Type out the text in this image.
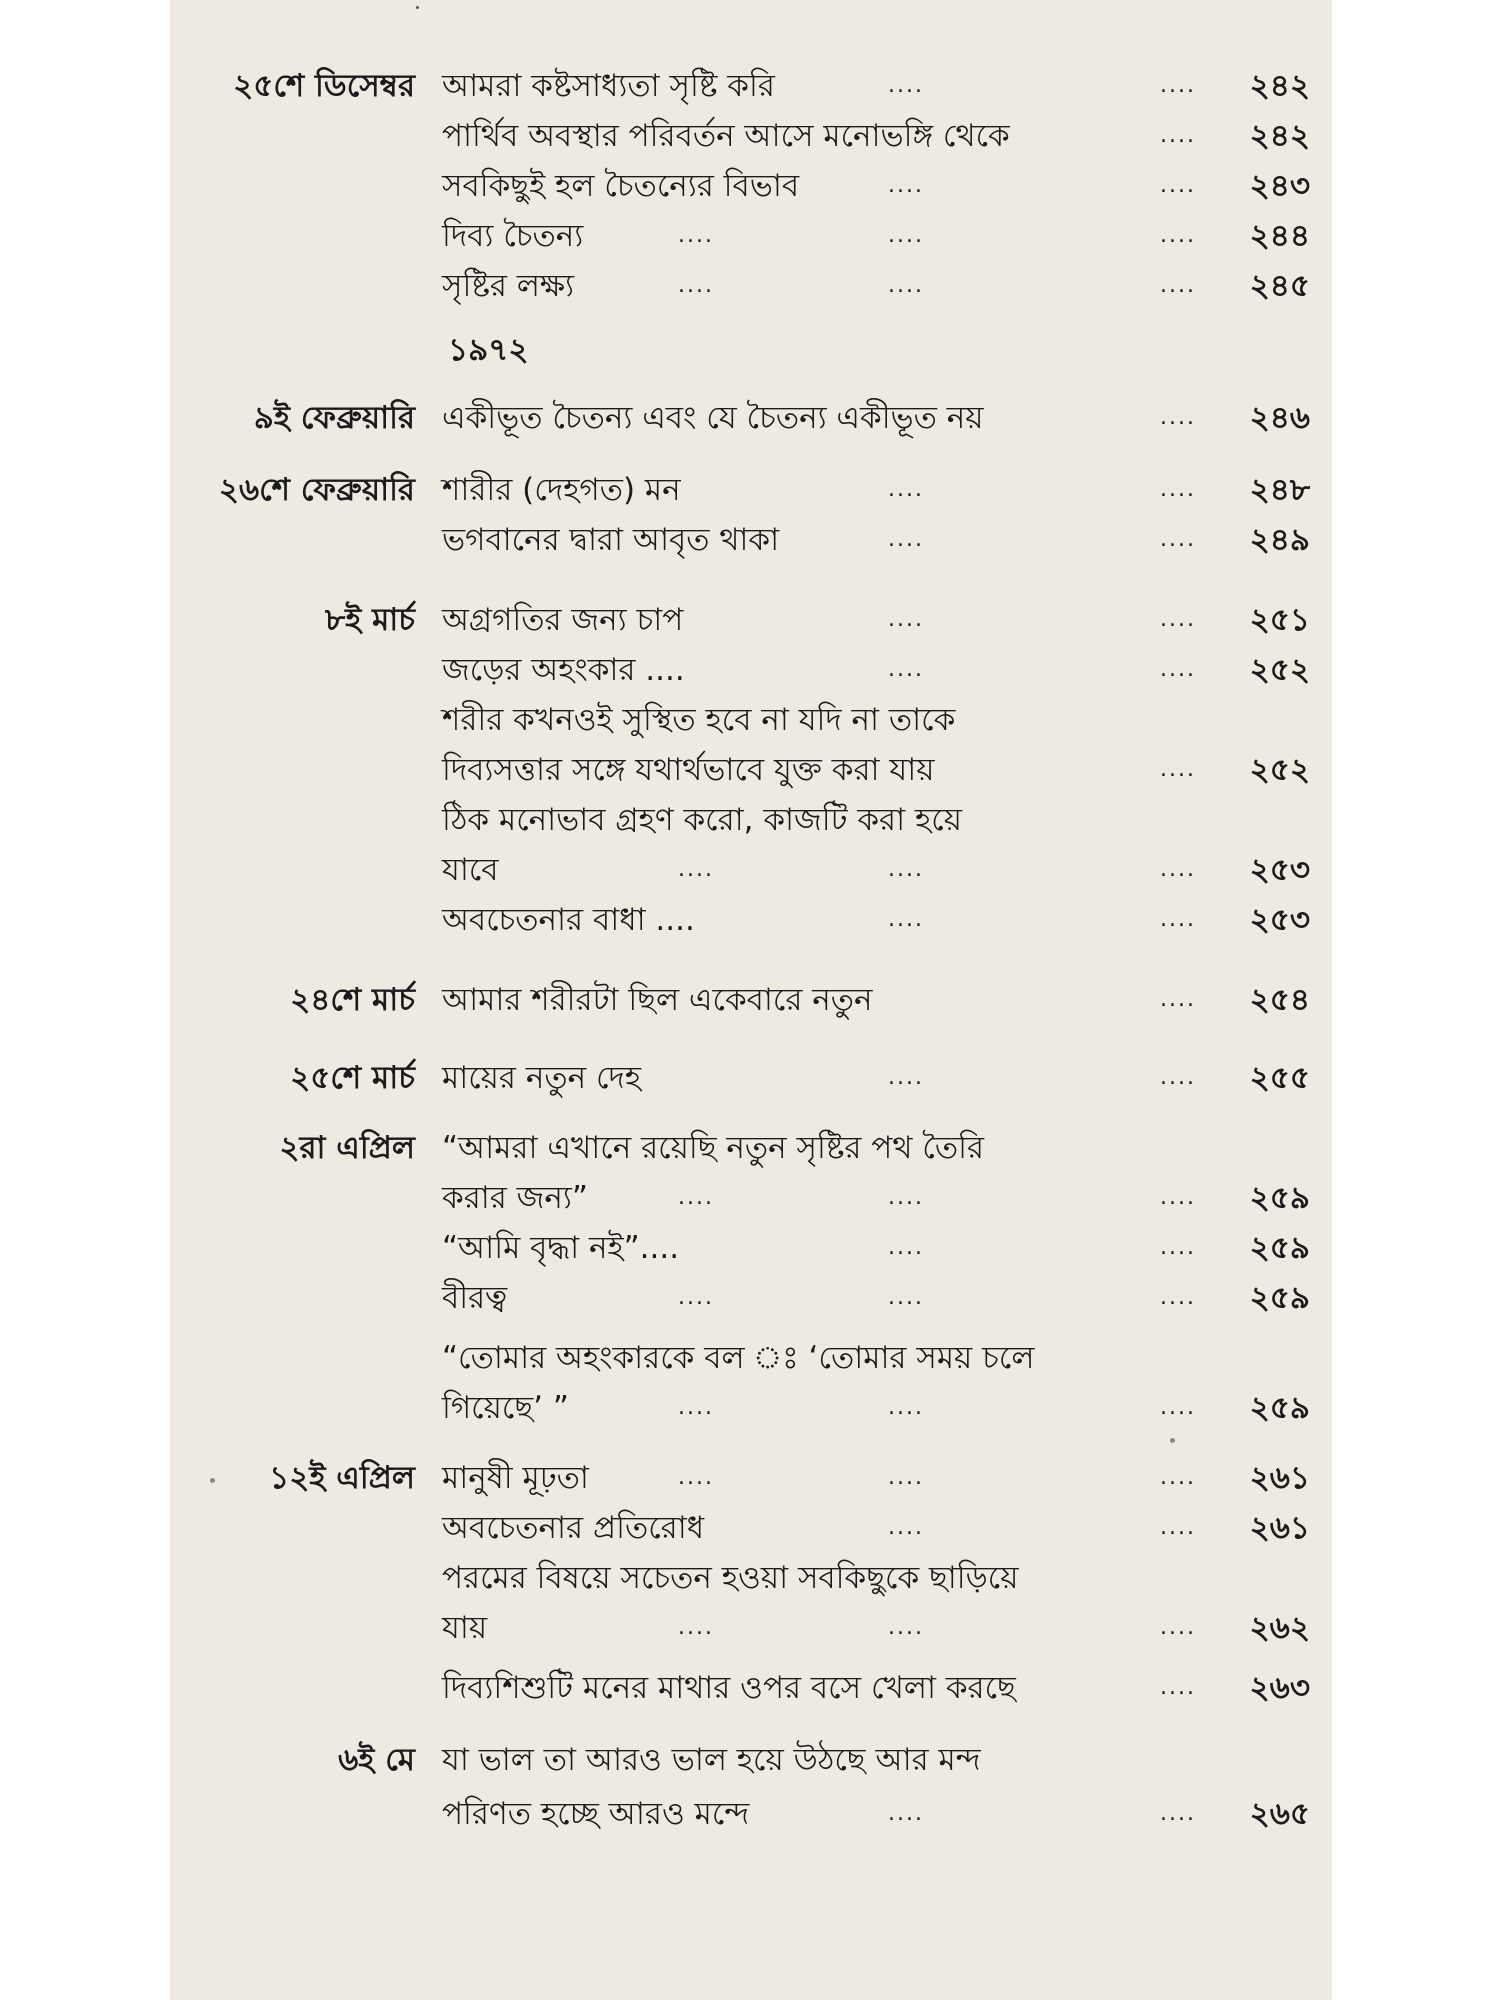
২৫শে ডিসেম্বর আমরা কষ্টসাধ্যতা সৃষ্টি করি	....	....	২৪২
পার্থিব অবস্থার পরিবর্তন আসে মনোভঙ্গি থেকে	....	২৪২
সবকিছুই হল চৈতন্যের বিভাব	....	....	২৪৩
দিব্য চৈতন্য	....	....	....	২৪৪
সৃষ্টির লক্ষ্য	....	....	....	২৪৫
১৯৭২
৯ই ফেব্রুয়ারি একীভূত চৈতন্য এবং যে চৈতন্য একীভূত নয়	....	২৪৬
২৬শে ফেব্রুয়ারি শারীর (দেহগত) মন	....	....	২৪৮
ভগবানের দ্বারা আবৃত থাকা	....	....	২৪৯
৮ই মার্চ অগ্রগতির জন্য চাপ	....	....	২৫১
জড়ের অহংকার ....	....	....	২৫২
শরীর কখনওই সুস্থিত হবে না যদি না তাকে
দিব্যসত্তার সঙ্গে যথার্থভাবে যুক্ত করা যায়	....	২৫২
ঠিক মনোভাব গ্রহণ করো, কাজটি করা হয়ে
যাবে	....	....	....	২৫৩
অবচেতনার বাধা ....	....	....	২৫৩
২৪শে মার্চ আমার শরীরটা ছিল একেবারে নতুন	....	২৫৪
২৫শে মার্চ মায়ের নতুন দেহ	....	....	২৫৫
২রা এপ্রিল “আমরা এখানে রয়েছি নতুন সৃষ্টির পথ তৈরি
করার জন্য”	....	....	....	২৫৯
“আমি বৃদ্ধা নই”....	....	....	২৫৯
বীরত্ব	....	....	....	২৫৯
“তোমার অহংকারকে বল ঃ ‘তোমার সময় চলে
গিয়েছে’ ”	....	....	....	২৫৯
১২ই এপ্রিল মানুষী মূঢ়তা	....	....	....	২৬১
অবচেতনার প্রতিরোধ	....	....	২৬১
পরমের বিষয়ে সচেতন হওয়া সবকিছুকে ছাড়িয়ে
যায়	....	....	....	২৬২
দিব্যশিশুটি মনের মাথার ওপর বসে খেলা করছে	....	২৬৩
৬ই মে যা ভাল তা আরও ভাল হয়ে উঠছে আর মন্দ
পরিণত হচ্ছে আরও মন্দে	....	....	২৬৫
